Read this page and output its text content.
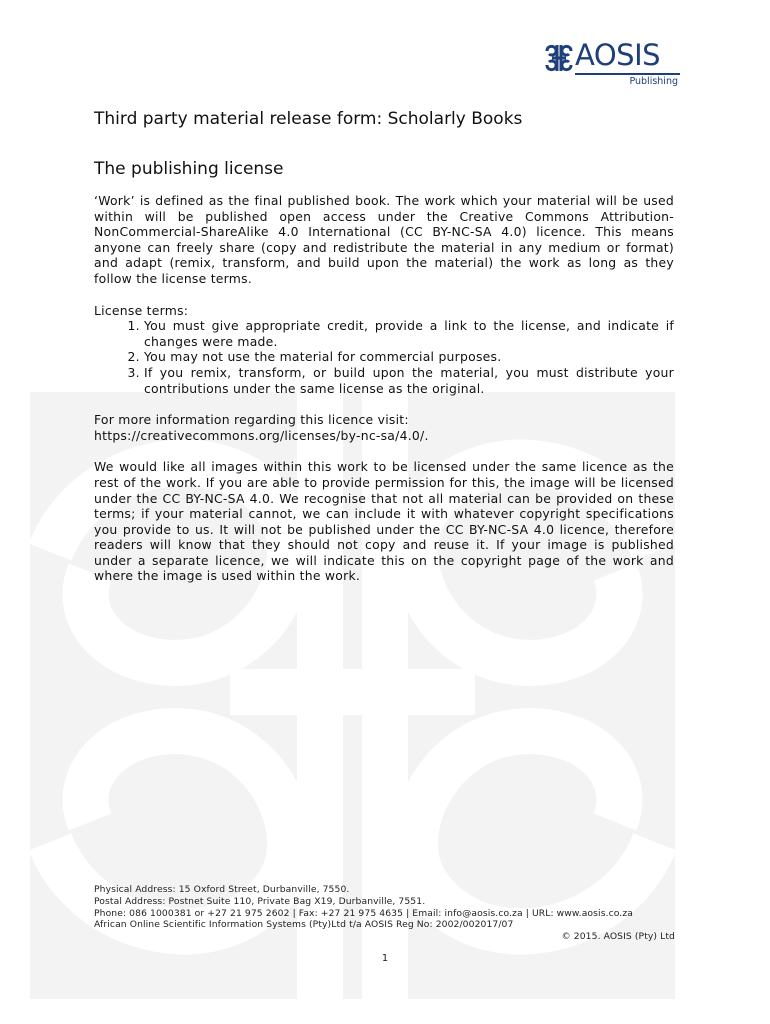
AOSIS
Publishing
Third party material release form: Scholarly Books
The publishing license

‘Work’ is defined as the final published book. The work which your material will be used within will be published open access under the Creative Commons Attribution-NonCommercial-ShareAlike 4.0 International (CC BY-NC-SA 4.0) licence. This means anyone can freely share (copy and redistribute the material in any medium or format) and adapt (remix, transform, and build upon the material) the work as long as they follow the license terms.

License terms:
1. You must give appropriate credit, provide a link to the license, and indicate if changes were made.
2. You may not use the material for commercial purposes.
3. If you remix, transform, or build upon the material, you must distribute your contributions under the same license as the original.

For more information regarding this licence visit:
https://creativecommons.org/licenses/by-nc-sa/4.0/.

We would like all images within this work to be licensed under the same licence as the rest of the work. If you are able to provide permission for this, the image will be licensed under the CC BY-NC-SA 4.0. We recognise that not all material can be provided on these terms; if your material cannot, we can include it with whatever copyright specifications you provide to us. It will not be published under the CC BY-NC-SA 4.0 licence, therefore readers will know that they should not copy and reuse it. If your image is published under a separate licence, we will indicate this on the copyright page of the work and where the image is used within the work.

Physical Address: 15 Oxford Street, Durbanville, 7550.
Postal Address: Postnet Suite 110, Private Bag X19, Durbanville, 7551.
Phone: 086 1000381 or +27 21 975 2602 | Fax: +27 21 975 4635 | Email: info@aosis.co.za | URL: www.aosis.co.za
African Online Scientific Information Systems (Pty)Ltd t/a AOSIS Reg No: 2002/002017/07
© 2015. AOSIS (Pty) Ltd
1
